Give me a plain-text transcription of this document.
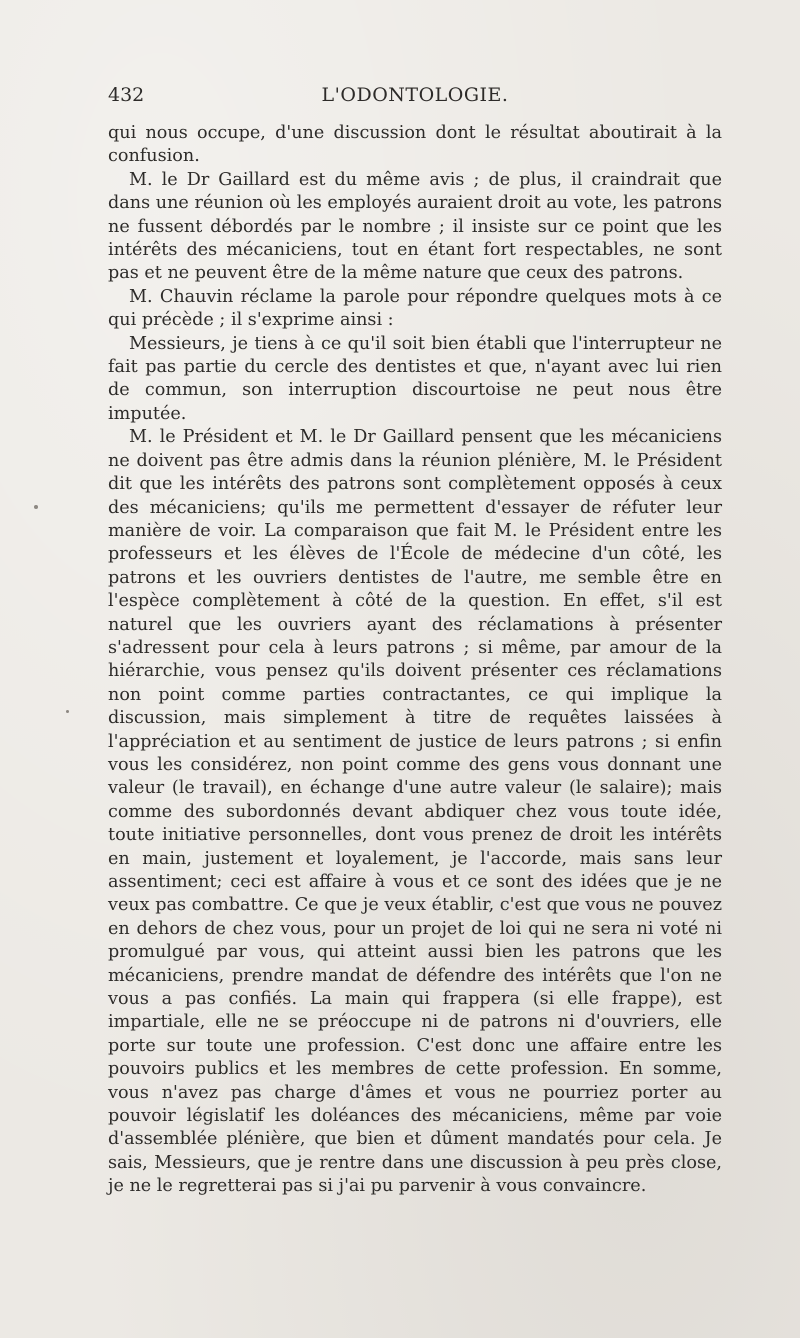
432	L'ODONTOLOGIE.

qui nous occupe, d'une discussion dont le résultat aboutirait à la confusion.

M. le Dr Gaillard est du même avis ; de plus, il craindrait que dans une réunion où les employés auraient droit au vote, les patrons ne fussent débordés par le nombre ; il insiste sur ce point que les intérêts des mécaniciens, tout en étant fort respectables, ne sont pas et ne peuvent être de la même nature que ceux des patrons.

M. Chauvin réclame la parole pour répondre quelques mots à ce qui précède ; il s'exprime ainsi :

Messieurs, je tiens à ce qu'il soit bien établi que l'interrupteur ne fait pas partie du cercle des dentistes et que, n'ayant avec lui rien de commun, son interruption discourtoise ne peut nous être imputée.

M. le Président et M. le Dr Gaillard pensent que les mécaniciens ne doivent pas être admis dans la réunion plénière, M. le Président dit que les intérêts des patrons sont complètement opposés à ceux des mécaniciens; qu'ils me permettent d'essayer de réfuter leur manière de voir. La comparaison que fait M. le Président entre les professeurs et les élèves de l'École de médecine d'un côté, les patrons et les ouvriers dentistes de l'autre, me semble être en l'espèce complètement à côté de la question. En effet, s'il est naturel que les ouvriers ayant des réclamations à présenter s'adressent pour cela à leurs patrons ; si même, par amour de la hiérarchie, vous pensez qu'ils doivent présenter ces réclamations non point comme parties contractantes, ce qui implique la discussion, mais simplement à titre de requêtes laissées à l'appréciation et au sentiment de justice de leurs patrons ; si enfin vous les considérez, non point comme des gens vous donnant une valeur (le travail), en échange d'une autre valeur (le salaire); mais comme des subordonnés devant abdiquer chez vous toute idée, toute initiative personnelles, dont vous prenez de droit les intérêts en main, justement et loyalement, je l'accorde, mais sans leur assentiment; ceci est affaire à vous et ce sont des idées que je ne veux pas combattre. Ce que je veux établir, c'est que vous ne pouvez en dehors de chez vous, pour un projet de loi qui ne sera ni voté ni promulgué par vous, qui atteint aussi bien les patrons que les mécaniciens, prendre mandat de défendre des intérêts que l'on ne vous a pas confiés. La main qui frappera (si elle frappe), est impartiale, elle ne se préoccupe ni de patrons ni d'ouvriers, elle porte sur toute une profession. C'est donc une affaire entre les pouvoirs publics et les membres de cette profession. En somme, vous n'avez pas charge d'âmes et vous ne pourriez porter au pouvoir législatif les doléances des mécaniciens, même par voie d'assemblée plénière, que bien et dûment mandatés pour cela. Je sais, Messieurs, que je rentre dans une discussion à peu près close, je ne le regretterai pas si j'ai pu parvenir à vous convaincre.
